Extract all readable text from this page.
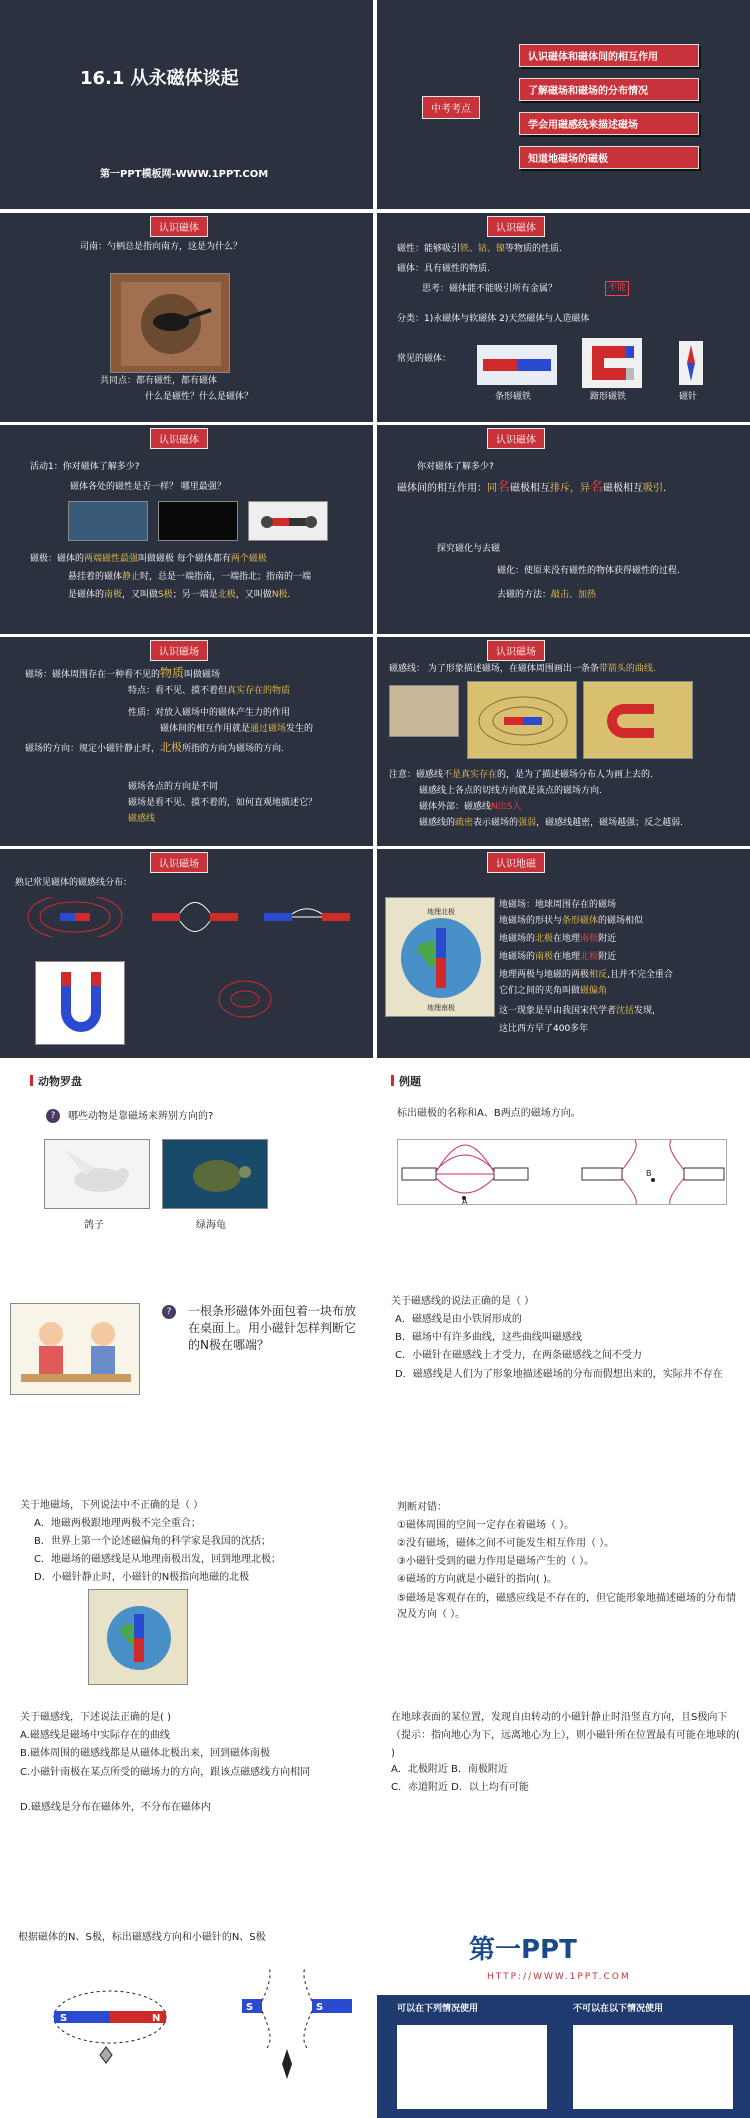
16.1 从永磁体谈起
第一PPT模板网-WWW.1PPT.COM
中考考点
认识磁体和磁体间的相互作用
了解磁场和磁场的分布情况
学会用磁感线来描述磁场
知道地磁场的磁极
认识磁体
司南：勺柄总是指向南方，这是为什么？
共同点：都有磁性，都有磁体
什么是磁性？什么是磁体？
认识磁体
磁性：能够吸引铁、钴、镍等物质的性质.
磁体：具有磁性的物质.
思考：磁体能不能吸引所有金属？	不能
分类：1)永磁体与软磁体 2)天然磁体与人造磁体
常见的磁体：
条形磁铁	蹄形磁铁	磁针
认识磁体
活动1：你对磁体了解多少?
磁体各处的磁性是否一样？ 哪里最强？
磁极：磁体的两端磁性最强叫做磁极 每个磁体都有两个磁极
悬挂着的磁体静止时，总是一端指南，一端指北；指南的一端
是磁体的南极，又叫做S极；另一端是北极，又叫做N极.
认识磁体
你对磁体了解多少?
磁体间的相互作用：同名磁极相互排斥，异名磁极相互吸引.
探究磁化与去磁
磁化：使原来没有磁性的物体获得磁性的过程.
去磁的方法：敲击、加热
认识磁场
磁场：磁体周围存在一种看不见的物质叫做磁场
特点：看不见、摸不着但真实存在的物质
性质：对放入磁场中的磁体产生力的作用
磁体间的相互作用就是通过磁场发生的
磁场的方向：规定小磁针静止时，北极所指的方向为磁场的方向.
磁场各点的方向是不同
磁场是看不见、摸不着的，如何直观地描述它？
磁感线
认识磁场
磁感线： 为了形象描述磁场，在磁体周围画出一条条带箭头的曲线.
注意：磁感线不是真实存在的，是为了描述磁场分布人为画上去的.
磁感线上各点的切线方向就是该点的磁场方向.
磁体外部：磁感线N出S入
磁感线的疏密表示磁场的强弱，磁感线越密，磁场越强；反之越弱.
认识磁场
熟记常见磁体的磁感线分布：
认识地磁
地理北极
地理南极
地磁场：地球周围存在的磁场
地磁场的形状与条形磁体的磁场相似
地磁场的北极在地理南极附近
地磁场的南极在地理北极附近
地理两极与地磁的两极相反,且并不完全重合
它们之间的夹角叫做磁偏角
这一现象是早由我国宋代学者沈括发现，
这比西方早了400多年
动物罗盘
?	哪些动物是靠磁场来辨别方向的?
鸽子	绿海龟
例题
标出磁极的名称和A、B两点的磁场方向。
A
B
?	一根条形磁体外面包着一块布放在桌面上。用小磁针怎样判断它的N极在哪端？
关于磁感线的说法正确的是（ ）
A．磁感线是由小铁屑形成的
B．磁场中有许多曲线，这些曲线叫磁感线
C．小磁针在磁感线上才受力，在两条磁感线之间不受力
D．磁感线是人们为了形象地描述磁场的分布而假想出来的，实际并不存在
关于地磁场，下列说法中不正确的是（ ）
A．地磁两极跟地理两极不完全重合；
B．世界上第一个论述磁偏角的科学家是我国的沈括；
C．地磁场的磁感线是从地理南极出发，回到地理北极；
D．小磁针静止时，小磁针的N极指向地磁的北极
判断对错：
①磁体周围的空间一定存在着磁场（ ）。
②没有磁场，磁体之间不可能发生相互作用（ ）。
③小磁针受到的磁力作用是磁场产生的（ ）。
④磁场的方向就是小磁针的指向( )。
⑤磁场是客观存在的，磁感应线是不存在的，但它能形象地描述磁场的分布情况及方向（ ）。
关于磁感线，下述说法正确的是( )
A.磁感线是磁场中实际存在的曲线
B.磁体周围的磁感线都是从磁体北极出来，回到磁体南极
C.小磁针南极在某点所受的磁场力的方向，跟该点磁感线方向相同
D.磁感线是分布在磁体外，不分布在磁体内
在地球表面的某位置，发现自由转动的小磁针静止时沿竖直方向，且S极向下（提示：指向地心为下，远离地心为上），则小磁针所在位置最有可能在地球的( )
A．北极附近 B．南极附近
C．赤道附近 D．以上均有可能
根据磁体的N、S极，标出磁感线方向和小磁针的N、S极
S	N
S	S
第一PPT
HTTP://WWW.1PPT.COM
可以在下列情况使用	不可以在以下情况使用
